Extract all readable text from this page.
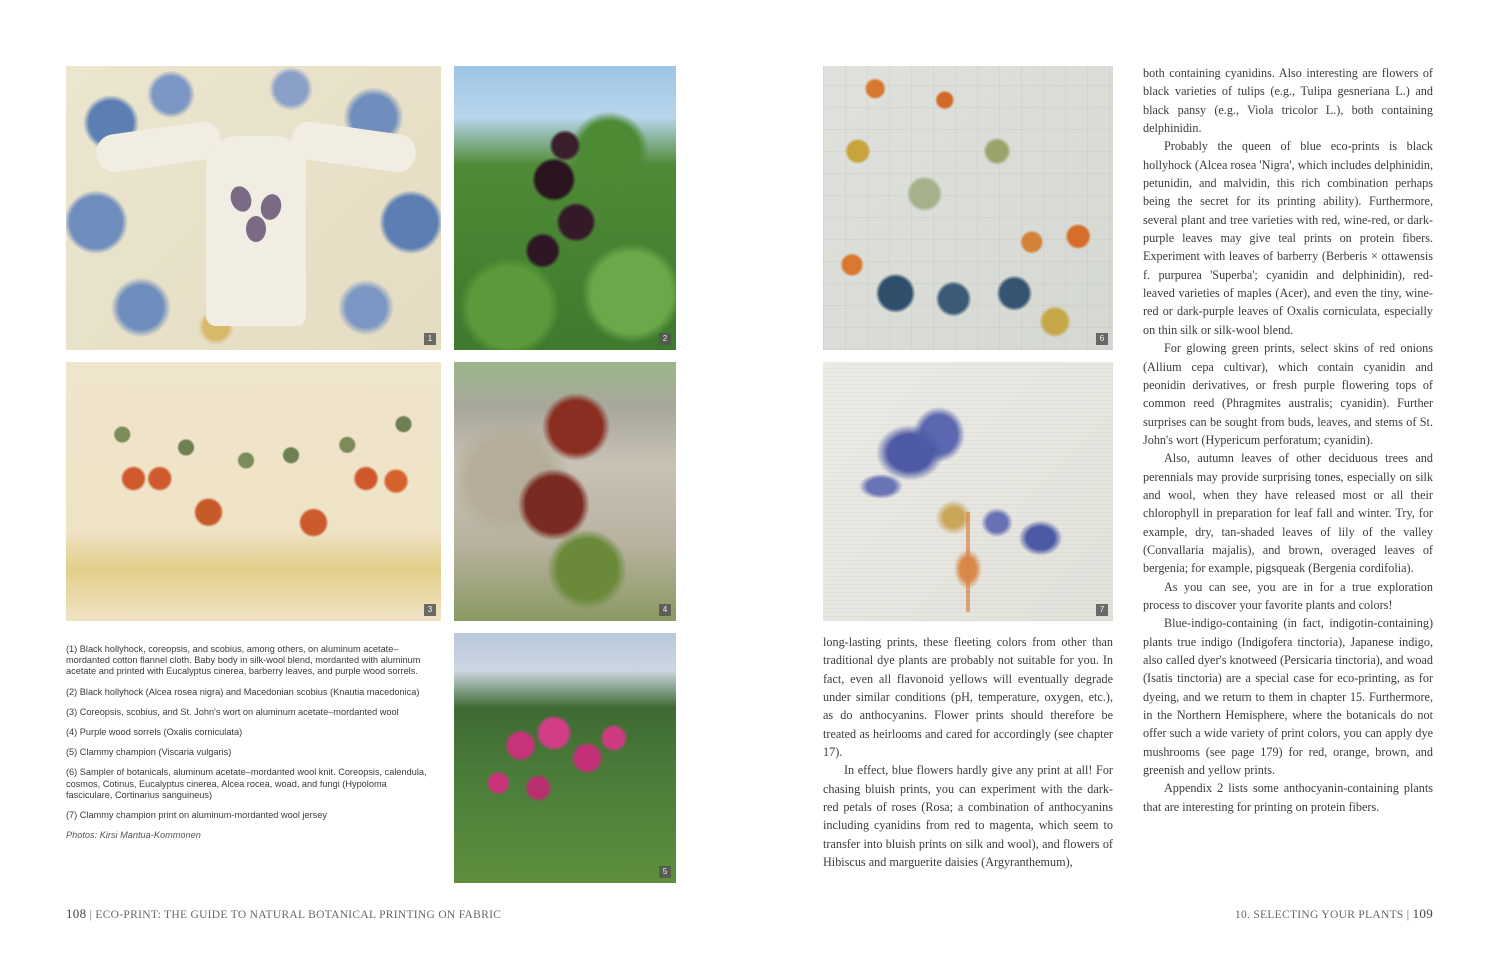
1	2
3	4
5

(1) Black hollyhock, coreopsis, and scobius, among others, on aluminum acetate–mordanted cotton flannel cloth. Baby body in silk-wool blend, mordanted with aluminum acetate and printed with Eucalyptus cinerea, barberry leaves, and purple wood sorrels.

(2) Black hollyhock (Alcea rosea nigra) and Macedonian scobius (Knautia macedonica)

(3) Coreopsis, scobius, and St. John's wort on aluminum acetate–mordanted wool

(4) Purple wood sorrels (Oxalis corniculata)

(5) Clammy champion (Viscaria vulgaris)

(6) Sampler of botanicals, aluminum acetate–mordanted wool knit. Coreopsis, calendula, cosmos, Cotinus, Eucalyptus cinerea, Alcea rocea, woad, and fungi (Hypoloma fasciculare, Cortinarius sanguineus)

(7) Clammy champion print on aluminum-mordanted wool jersey

Photos: Kirsi Mantua-Kommonen

108 | ECO-PRINT: THE GUIDE TO NATURAL BOTANICAL PRINTING ON FABRIC
6
7

long-lasting prints, these fleeting colors from other than traditional dye plants are probably not suitable for you. In fact, even all flavonoid yellows will eventually degrade under similar conditions (pH, temperature, oxygen, etc.), as do anthocyanins. Flower prints should therefore be treated as heirlooms and cared for accordingly (see chapter 17).

In effect, blue flowers hardly give any print at all! For chasing bluish prints, you can experiment with the dark-red petals of roses (Rosa; a combination of anthocyanins including cyanidins from red to magenta, which seem to transfer into bluish prints on silk and wool), and flowers of Hibiscus and marguerite daisies (Argyranthemum),

both containing cyanidins. Also interesting are flowers of black varieties of tulips (e.g., Tulipa gesneriana L.) and black pansy (e.g., Viola tricolor L.), both containing delphinidin.

Probably the queen of blue eco-prints is black hollyhock (Alcea rosea 'Nigra', which includes delphinidin, petunidin, and malvidin, this rich combination perhaps being the secret for its printing ability). Furthermore, several plant and tree varieties with red, wine-red, or dark-purple leaves may give teal prints on protein fibers. Experiment with leaves of barberry (Berberis × ottawensis f. purpurea 'Superba'; cyanidin and delphinidin), red-leaved varieties of maples (Acer), and even the tiny, wine-red or dark-purple leaves of Oxalis corniculata, especially on thin silk or silk-wool blend.

For glowing green prints, select skins of red onions (Allium cepa cultivar), which contain cyanidin and peonidin derivatives, or fresh purple flowering tops of common reed (Phragmites australis; cyanidin). Further surprises can be sought from buds, leaves, and stems of St. John's wort (Hypericum perforatum; cyanidin).

Also, autumn leaves of other deciduous trees and perennials may provide surprising tones, especially on silk and wool, when they have released most or all their chlorophyll in preparation for leaf fall and winter. Try, for example, dry, tan-shaded leaves of lily of the valley (Convallaria majalis), and brown, overaged leaves of bergenia; for example, pigsqueak (Bergenia cordifolia).

As you can see, you are in for a true exploration process to discover your favorite plants and colors!

Blue-indigo-containing (in fact, indigotin-containing) plants true indigo (Indigofera tinctoria), Japanese indigo, also called dyer's knotweed (Persicaria tinctoria), and woad (Isatis tinctoria) are a special case for eco-printing, as for dyeing, and we return to them in chapter 15. Furthermore, in the Northern Hemisphere, where the botanicals do not offer such a wide variety of print colors, you can apply dye mushrooms (see page 179) for red, orange, brown, and greenish and yellow prints.

Appendix 2 lists some anthocyanin-containing plants that are interesting for printing on protein fibers.

10. SELECTING YOUR PLANTS | 109
